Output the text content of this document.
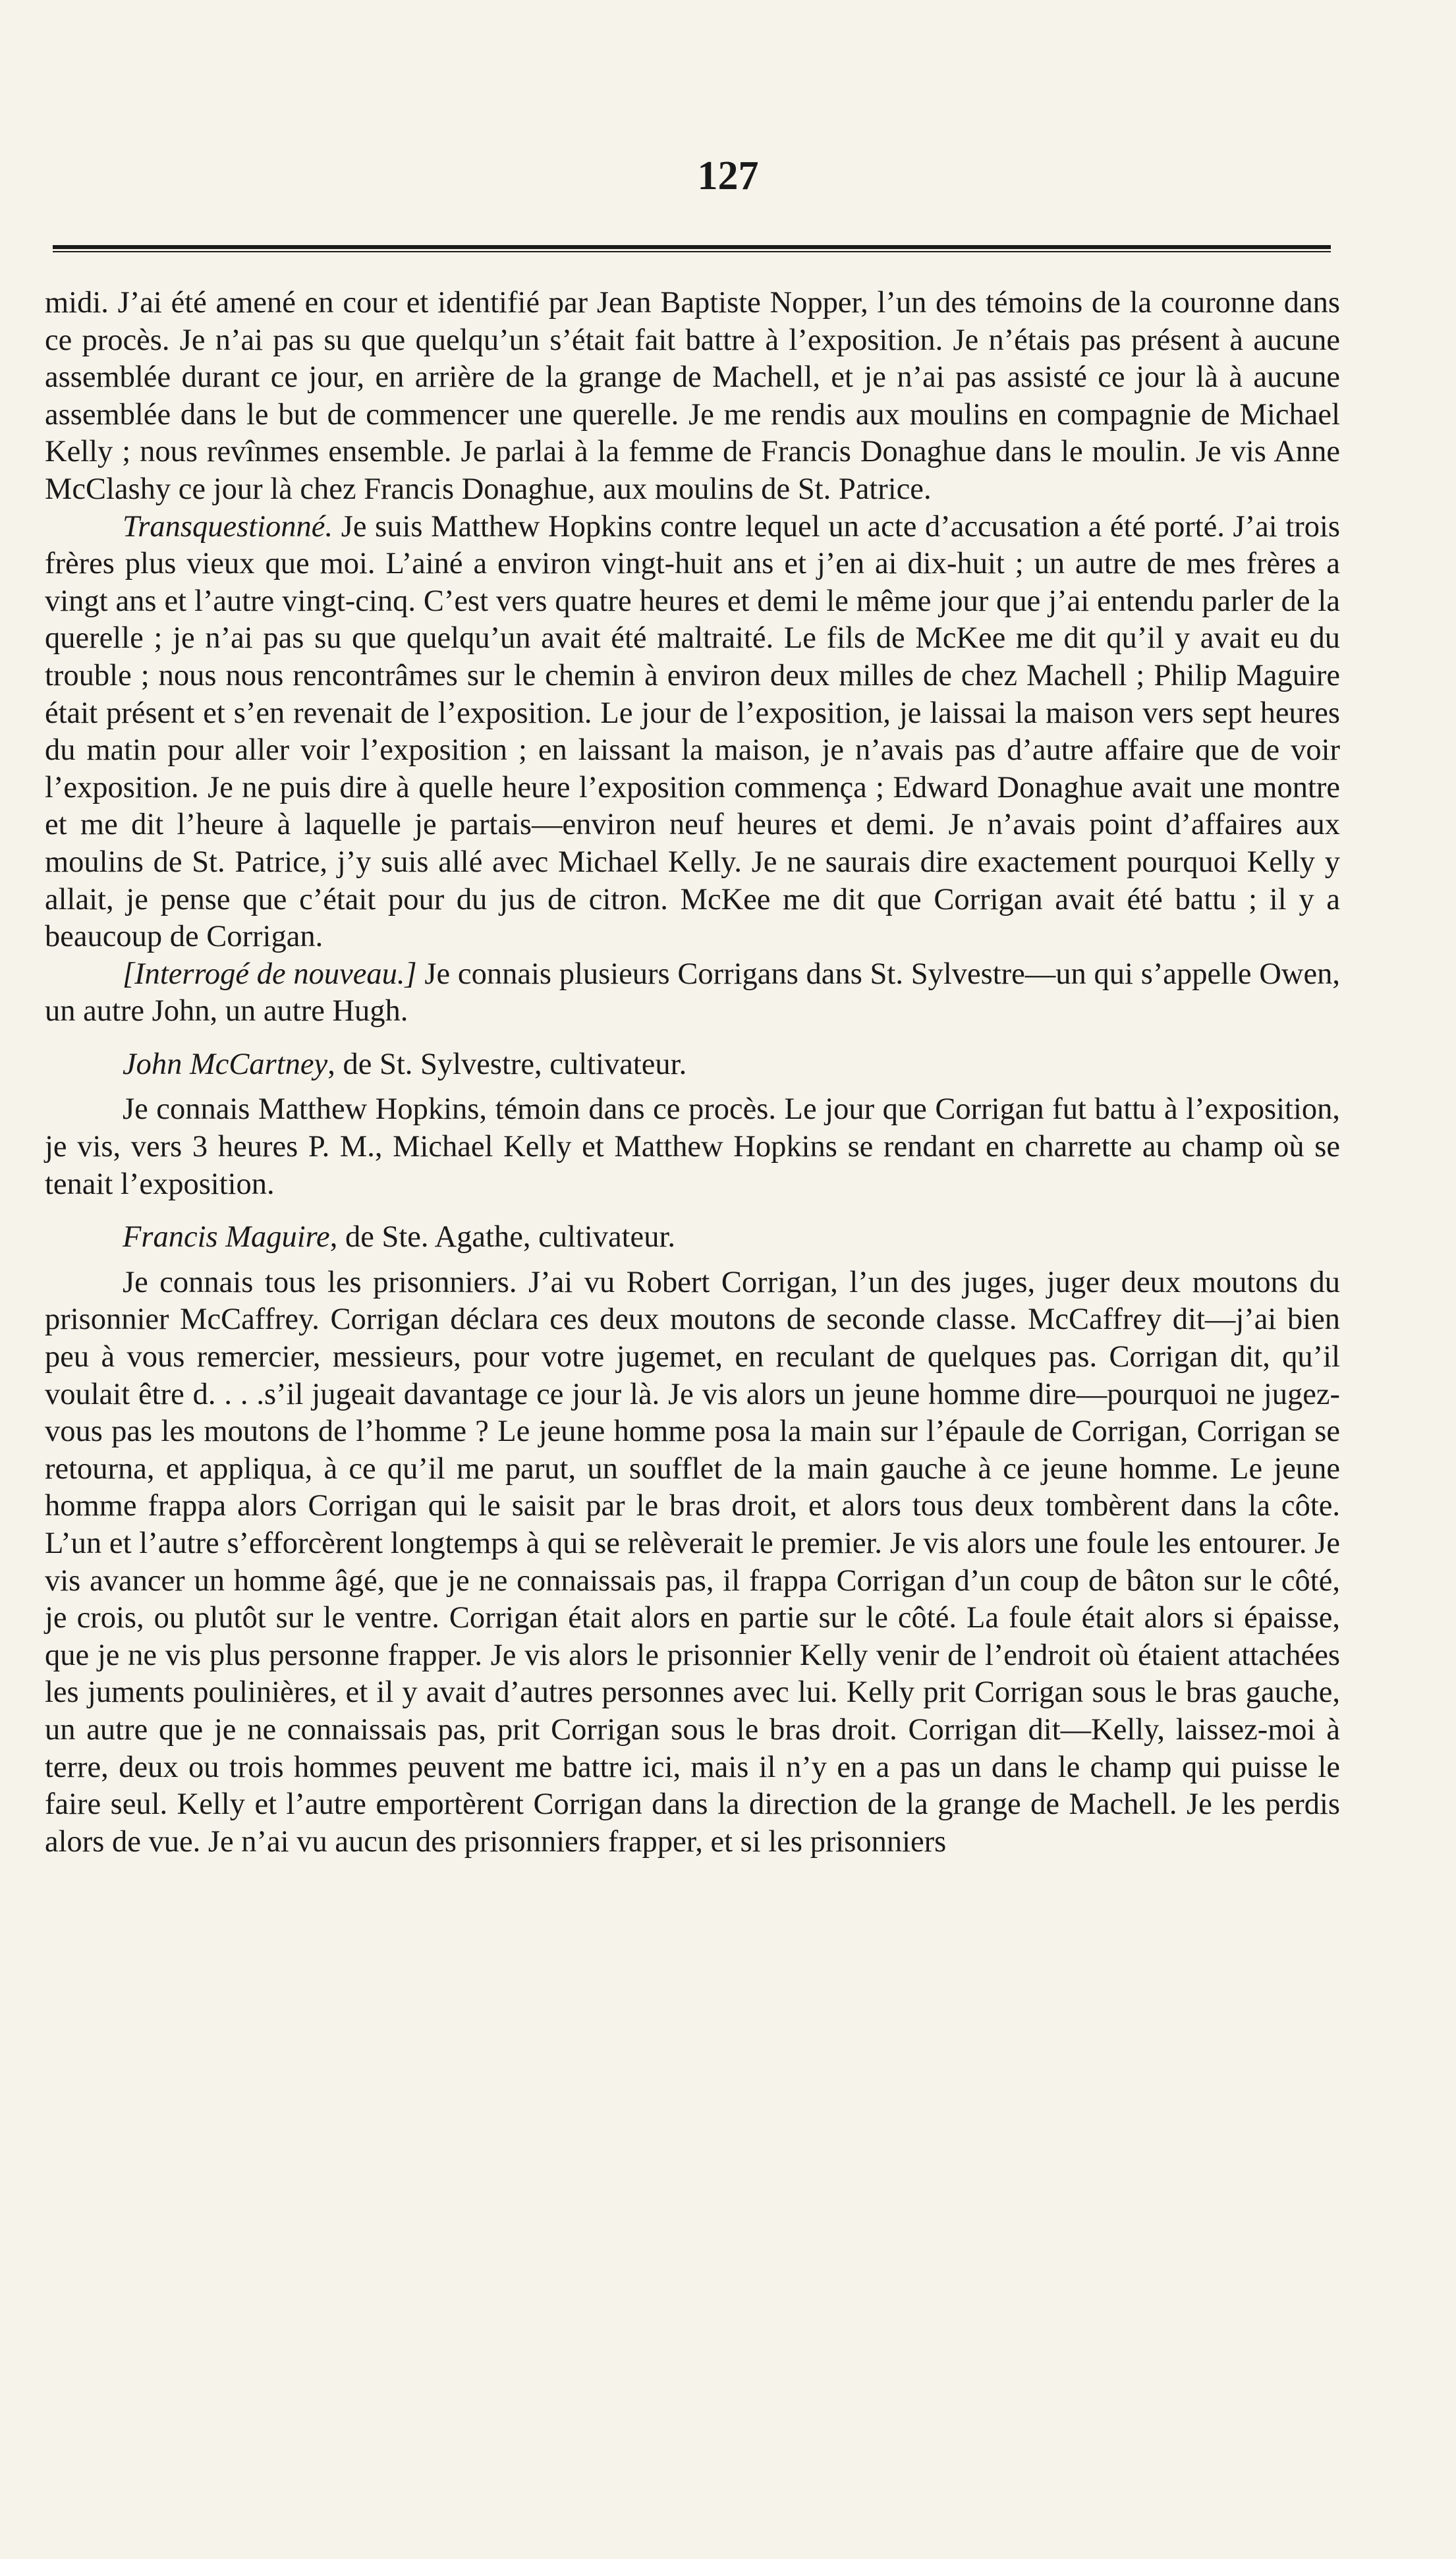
127

midi. J’ai été amené en cour et identifié par Jean Baptiste Nopper, l’un des témoins de la couronne dans ce procès. Je n’ai pas su que quelqu’un s’était fait battre à l’exposition. Je n’étais pas présent à aucune assemblée durant ce jour, en arrière de la grange de Machell, et je n’ai pas assisté ce jour là à aucune assemblée dans le but de commencer une querelle. Je me rendis aux moulins en compagnie de Michael Kelly ; nous revînmes ensemble. Je parlai à la femme de Francis Donaghue dans le moulin. Je vis Anne McClashy ce jour là chez Francis Donaghue, aux moulins de St. Patrice.

Transquestionné. Je suis Matthew Hopkins contre lequel un acte d’accusation a été porté. J’ai trois frères plus vieux que moi. L’ainé a environ vingt-huit ans et j’en ai dix-huit ; un autre de mes frères a vingt ans et l’autre vingt-cinq. C’est vers quatre heures et demi le même jour que j’ai entendu parler de la querelle ; je n’ai pas su que quelqu’un avait été maltraité. Le fils de McKee me dit qu’il y avait eu du trouble ; nous nous rencontrâmes sur le chemin à environ deux milles de chez Machell ; Philip Maguire était présent et s’en revenait de l’exposition. Le jour de l’exposition, je laissai la maison vers sept heures du matin pour aller voir l’exposition ; en laissant la maison, je n’avais pas d’autre affaire que de voir l’exposition. Je ne puis dire à quelle heure l’exposition commença ; Edward Donaghue avait une montre et me dit l’heure à laquelle je partais—environ neuf heures et demi. Je n’avais point d’affaires aux moulins de St. Patrice, j’y suis allé avec Michael Kelly. Je ne saurais dire exactement pourquoi Kelly y allait, je pense que c’était pour du jus de citron. McKee me dit que Corrigan avait été battu ; il y a beaucoup de Corrigan.

[Interrogé de nouveau.] Je connais plusieurs Corrigans dans St. Sylvestre—un qui s’appelle Owen, un autre John, un autre Hugh.

John McCartney, de St. Sylvestre, cultivateur.

Je connais Matthew Hopkins, témoin dans ce procès. Le jour que Corrigan fut battu à l’exposition, je vis, vers 3 heures P. M., Michael Kelly et Matthew Hopkins se rendant en charrette au champ où se tenait l’exposition.

Francis Maguire, de Ste. Agathe, cultivateur.

Je connais tous les prisonniers. J’ai vu Robert Corrigan, l’un des juges, juger deux moutons du prisonnier McCaffrey. Corrigan déclara ces deux moutons de seconde classe. McCaffrey dit—j’ai bien peu à vous remercier, messieurs, pour votre jugemet, en reculant de quelques pas. Corrigan dit, qu’il voulait être d. . . .s’il jugeait davantage ce jour là. Je vis alors un jeune homme dire—pourquoi ne jugez-vous pas les moutons de l’homme ? Le jeune homme posa la main sur l’épaule de Corrigan, Corrigan se retourna, et appliqua, à ce qu’il me parut, un soufflet de la main gauche à ce jeune homme. Le jeune homme frappa alors Corrigan qui le saisit par le bras droit, et alors tous deux tombèrent dans la côte. L’un et l’autre s’efforcèrent longtemps à qui se relèverait le premier. Je vis alors une foule les entourer. Je vis avancer un homme âgé, que je ne connaissais pas, il frappa Corrigan d’un coup de bâton sur le côté, je crois, ou plutôt sur le ventre. Corrigan était alors en partie sur le côté. La foule était alors si épaisse, que je ne vis plus personne frapper. Je vis alors le prisonnier Kelly venir de l’endroit où étaient attachées les juments poulinières, et il y avait d’autres personnes avec lui. Kelly prit Corrigan sous le bras gauche, un autre que je ne connaissais pas, prit Corrigan sous le bras droit. Corrigan dit—Kelly, laissez-moi à terre, deux ou trois hommes peuvent me battre ici, mais il n’y en a pas un dans le champ qui puisse le faire seul. Kelly et l’autre emportèrent Corrigan dans la direction de la grange de Machell. Je les perdis alors de vue. Je n’ai vu aucun des prisonniers frapper, et si les prisonniers
